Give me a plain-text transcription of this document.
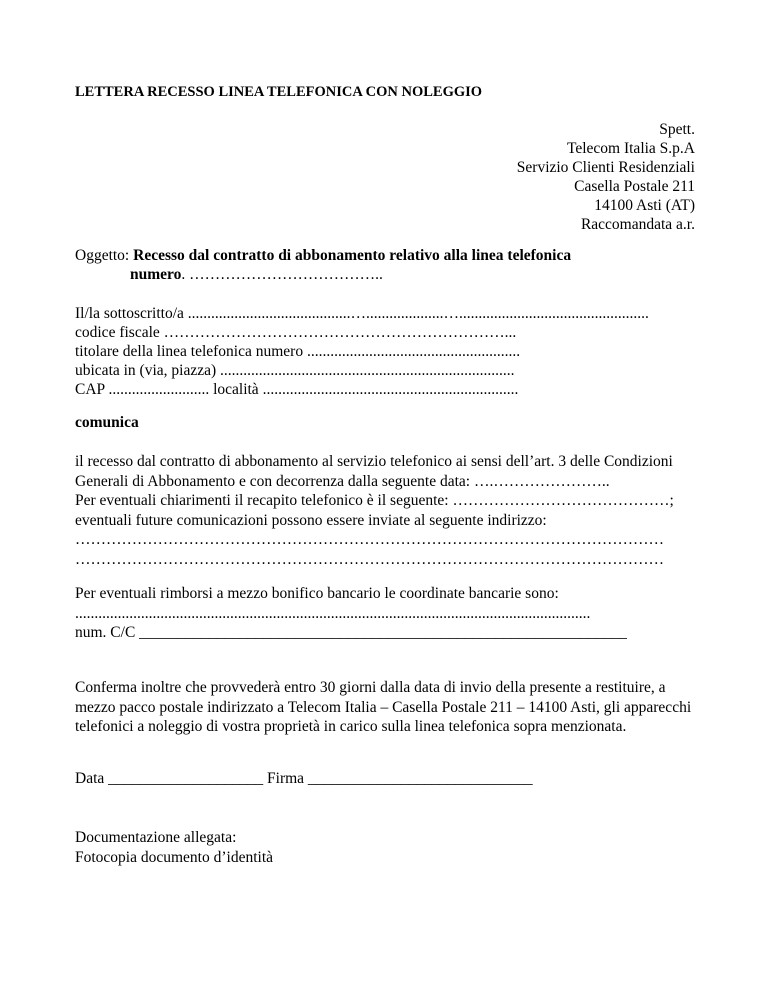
LETTERA RECESSO LINEA TELEFONICA CON NOLEGGIO
Spett.
Telecom Italia S.p.A
Servizio Clienti Residenziali
Casella Postale 211
14100 Asti (AT)
Raccomandata a.r.
Oggetto: Recesso dal contratto di abbonamento relativo alla linea telefonica
numero. ………………………………..
Il/la sottoscritto/a ..........................................…....................….................................................
codice fiscale …………………………………………………………...
titolare della linea telefonica numero .......................................................
ubicata in (via, piazza) ............................................................................
CAP .......................... località ..................................................................
comunica
il recesso dal contratto di abbonamento al servizio telefonico ai sensi dell’art. 3 delle Condizioni
Generali di Abbonamento e con decorrenza dalla seguente data: ….…………………..
Per eventuali chiarimenti il recapito telefonico è il seguente: ……………………………………;
eventuali future comunicazioni possono essere inviate al seguente indirizzo:
……………………………………………………………………………………………………
……………………………………………………………………………………………………
Per eventuali rimborsi a mezzo bonifico bancario le coordinate bancarie sono:
.....................................................................................................................................
num. C/C _______________________________________________________________
Conferma inoltre che provvederà entro 30 giorni dalla data di invio della presente a restituire, a
mezzo pacco postale indirizzato a Telecom Italia – Casella Postale 211 – 14100 Asti, gli apparecchi
telefonici a noleggio di vostra proprietà in carico sulla linea telefonica sopra menzionata.
Data ____________________ Firma _____________________________
Documentazione allegata:
Fotocopia documento d’identità
